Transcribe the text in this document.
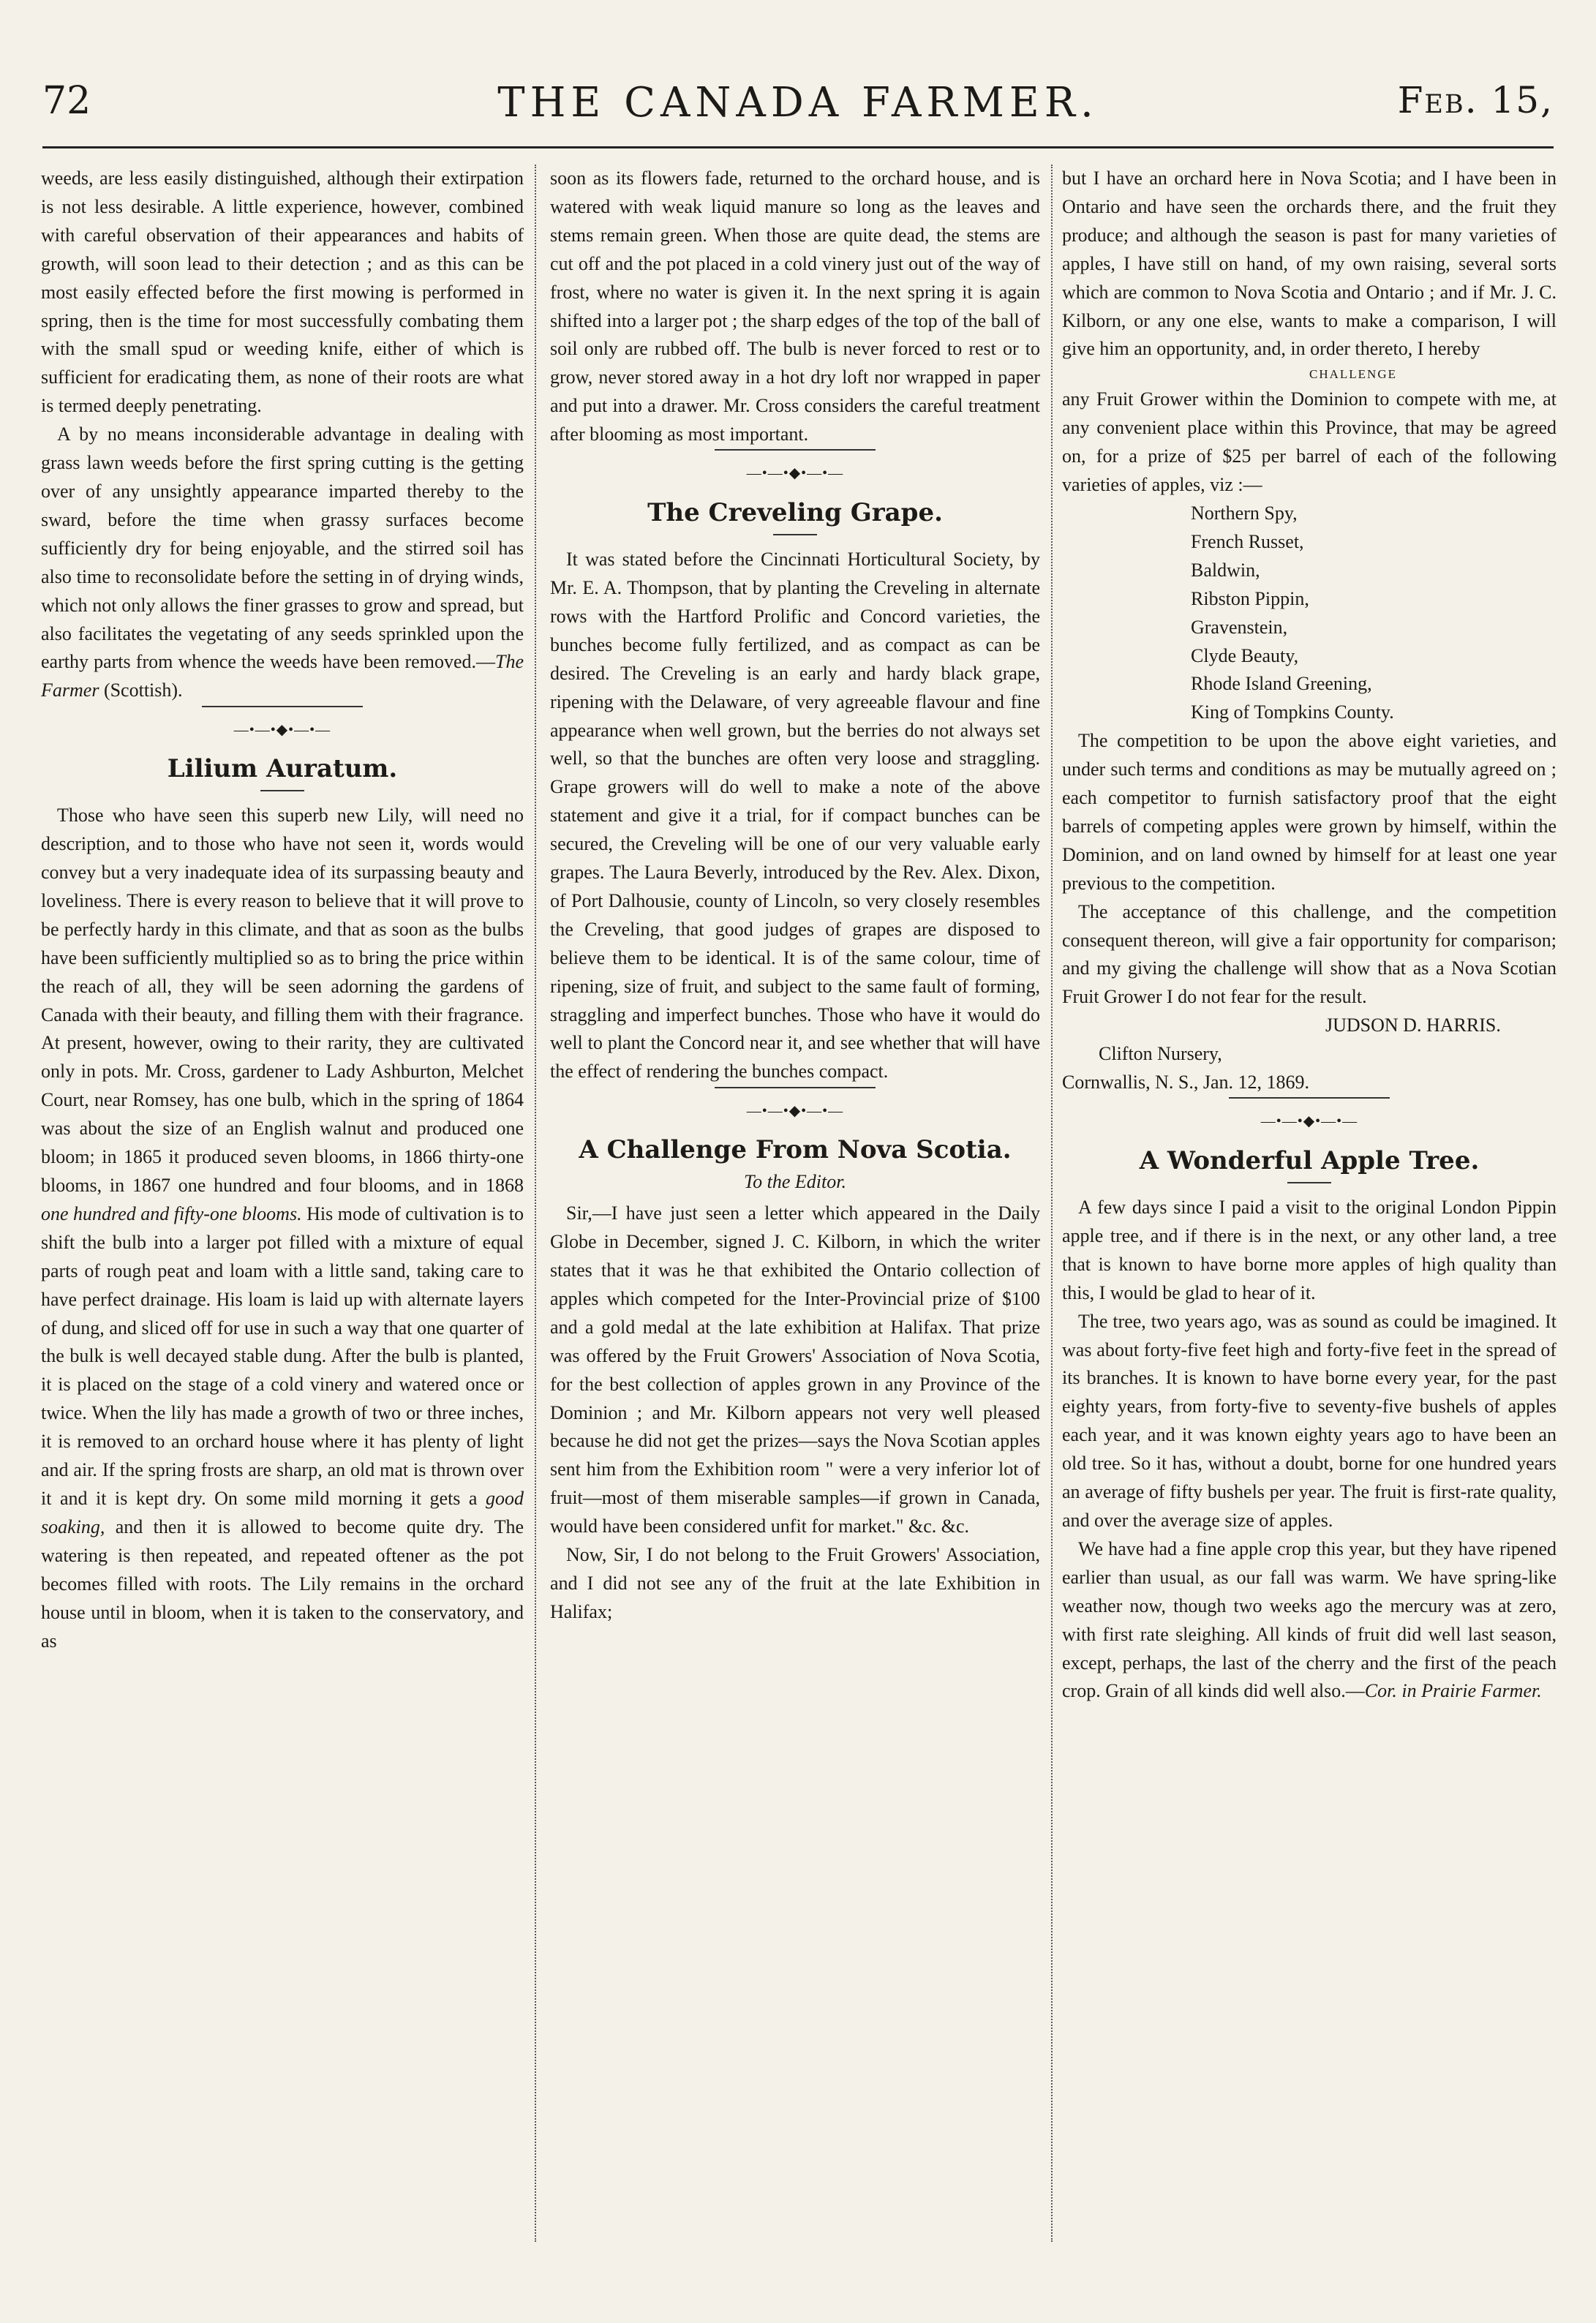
72	THE CANADA FARMER.	Feb. 15,

weeds, are less easily distinguished, although their extirpation is not less desirable. A little experience, however, combined with careful observation of their appearances and habits of growth, will soon lead to their detection ; and as this can be most easily effected before the first mowing is performed in spring, then is the time for most successfully combating them with the small spud or weeding knife, either of which is sufficient for eradicating them, as none of their roots are what is termed deeply penetrating.

A by no means inconsiderable advantage in dealing with grass lawn weeds before the first spring cutting is the getting over of any unsightly appearance imparted thereby to the sward, before the time when grassy surfaces become sufficiently dry for being enjoyable, and the stirred soil has also time to reconsolidate before the setting in of drying winds, which not only allows the finer grasses to grow and spread, but also facilitates the vegetating of any seeds sprinkled upon the earthy parts from whence the weeds have been removed.—The Farmer (Scottish).

—•—•◆•—•—
Lilium Auratum.

Those who have seen this superb new Lily, will need no description, and to those who have not seen it, words would convey but a very inadequate idea of its surpassing beauty and loveliness. There is every reason to believe that it will prove to be perfectly hardy in this climate, and that as soon as the bulbs have been sufficiently multiplied so as to bring the price within the reach of all, they will be seen adorning the gardens of Canada with their beauty, and filling them with their fragrance. At present, however, owing to their rarity, they are cultivated only in pots. Mr. Cross, gardener to Lady Ashburton, Melchet Court, near Romsey, has one bulb, which in the spring of 1864 was about the size of an English walnut and produced one bloom; in 1865 it produced seven blooms, in 1866 thirty-one blooms, in 1867 one hundred and four blooms, and in 1868 one hundred and fifty-one blooms. His mode of cultivation is to shift the bulb into a larger pot filled with a mixture of equal parts of rough peat and loam with a little sand, taking care to have perfect drainage. His loam is laid up with alternate layers of dung, and sliced off for use in such a way that one quarter of the bulk is well decayed stable dung. After the bulb is planted, it is placed on the stage of a cold vinery and watered once or twice. When the lily has made a growth of two or three inches, it is removed to an orchard house where it has plenty of light and air. If the spring frosts are sharp, an old mat is thrown over it and it is kept dry. On some mild morning it gets a good soaking, and then it is allowed to become quite dry. The watering is then repeated, and repeated oftener as the pot becomes filled with roots. The Lily remains in the orchard house until in bloom, when it is taken to the conservatory, and as

soon as its flowers fade, returned to the orchard house, and is watered with weak liquid manure so long as the leaves and stems remain green. When those are quite dead, the stems are cut off and the pot placed in a cold vinery just out of the way of frost, where no water is given it. In the next spring it is again shifted into a larger pot ; the sharp edges of the top of the ball of soil only are rubbed off. The bulb is never forced to rest or to grow, never stored away in a hot dry loft nor wrapped in paper and put into a drawer. Mr. Cross considers the careful treatment after blooming as most important.

—•—•◆•—•—
The Creveling Grape.

It was stated before the Cincinnati Horticultural Society, by Mr. E. A. Thompson, that by planting the Creveling in alternate rows with the Hartford Prolific and Concord varieties, the bunches become fully fertilized, and as compact as can be desired. The Creveling is an early and hardy black grape, ripening with the Delaware, of very agreeable flavour and fine appearance when well grown, but the berries do not always set well, so that the bunches are often very loose and straggling. Grape growers will do well to make a note of the above statement and give it a trial, for if compact bunches can be secured, the Creveling will be one of our very valuable early grapes. The Laura Beverly, introduced by the Rev. Alex. Dixon, of Port Dalhousie, county of Lincoln, so very closely resembles the Creveling, that good judges of grapes are disposed to believe them to be identical. It is of the same colour, time of ripening, size of fruit, and subject to the same fault of forming, straggling and imperfect bunches. Those who have it would do well to plant the Concord near it, and see whether that will have the effect of rendering the bunches compact.

—•—•◆•—•—
A Challenge From Nova Scotia.
To the Editor.

Sir,—I have just seen a letter which appeared in the Daily Globe in December, signed J. C. Kilborn, in which the writer states that it was he that exhibited the Ontario collection of apples which competed for the Inter-Provincial prize of $100 and a gold medal at the late exhibition at Halifax. That prize was offered by the Fruit Growers' Association of Nova Scotia, for the best collection of apples grown in any Province of the Dominion ; and Mr. Kilborn appears not very well pleased because he did not get the prizes—says the Nova Scotian apples sent him from the Exhibition room " were a very inferior lot of fruit—most of them miserable samples—if grown in Canada, would have been considered unfit for market." &c. &c.

Now, Sir, I do not belong to the Fruit Growers' Association, and I did not see any of the fruit at the late Exhibition in Halifax;

but I have an orchard here in Nova Scotia; and I have been in Ontario and have seen the orchards there, and the fruit they produce; and although the season is past for many varieties of apples, I have still on hand, of my own raising, several sorts which are common to Nova Scotia and Ontario ; and if Mr. J. C. Kilborn, or any one else, wants to make a comparison, I will give him an opportunity, and, in order thereto, I hereby

CHALLENGE

any Fruit Grower within the Dominion to compete with me, at any convenient place within this Province, that may be agreed on, for a prize of $25 per barrel of each of the following varieties of apples, viz :—

Northern Spy,
French Russet,
Baldwin,
Ribston Pippin,
Gravenstein,
Clyde Beauty,
Rhode Island Greening,
King of Tompkins County.

The competition to be upon the above eight varieties, and under such terms and conditions as may be mutually agreed on ; each competitor to furnish satisfactory proof that the eight barrels of competing apples were grown by himself, within the Dominion, and on land owned by himself for at least one year previous to the competition.

The acceptance of this challenge, and the competition consequent thereon, will give a fair opportunity for comparison; and my giving the challenge will show that as a Nova Scotian Fruit Grower I do not fear for the result.

JUDSON D. HARRIS.
Clifton Nursery,
Cornwallis, N. S., Jan. 12, 1869.
—•—•◆•—•—
A Wonderful Apple Tree.

A few days since I paid a visit to the original London Pippin apple tree, and if there is in the next, or any other land, a tree that is known to have borne more apples of high quality than this, I would be glad to hear of it.

The tree, two years ago, was as sound as could be imagined. It was about forty-five feet high and forty-five feet in the spread of its branches. It is known to have borne every year, for the past eighty years, from forty-five to seventy-five bushels of apples each year, and it was known eighty years ago to have been an old tree. So it has, without a doubt, borne for one hundred years an average of fifty bushels per year. The fruit is first-rate quality, and over the average size of apples.

We have had a fine apple crop this year, but they have ripened earlier than usual, as our fall was warm. We have spring-like weather now, though two weeks ago the mercury was at zero, with first rate sleighing. All kinds of fruit did well last season, except, perhaps, the last of the cherry and the first of the peach crop. Grain of all kinds did well also.—Cor. in Prairie Farmer.
